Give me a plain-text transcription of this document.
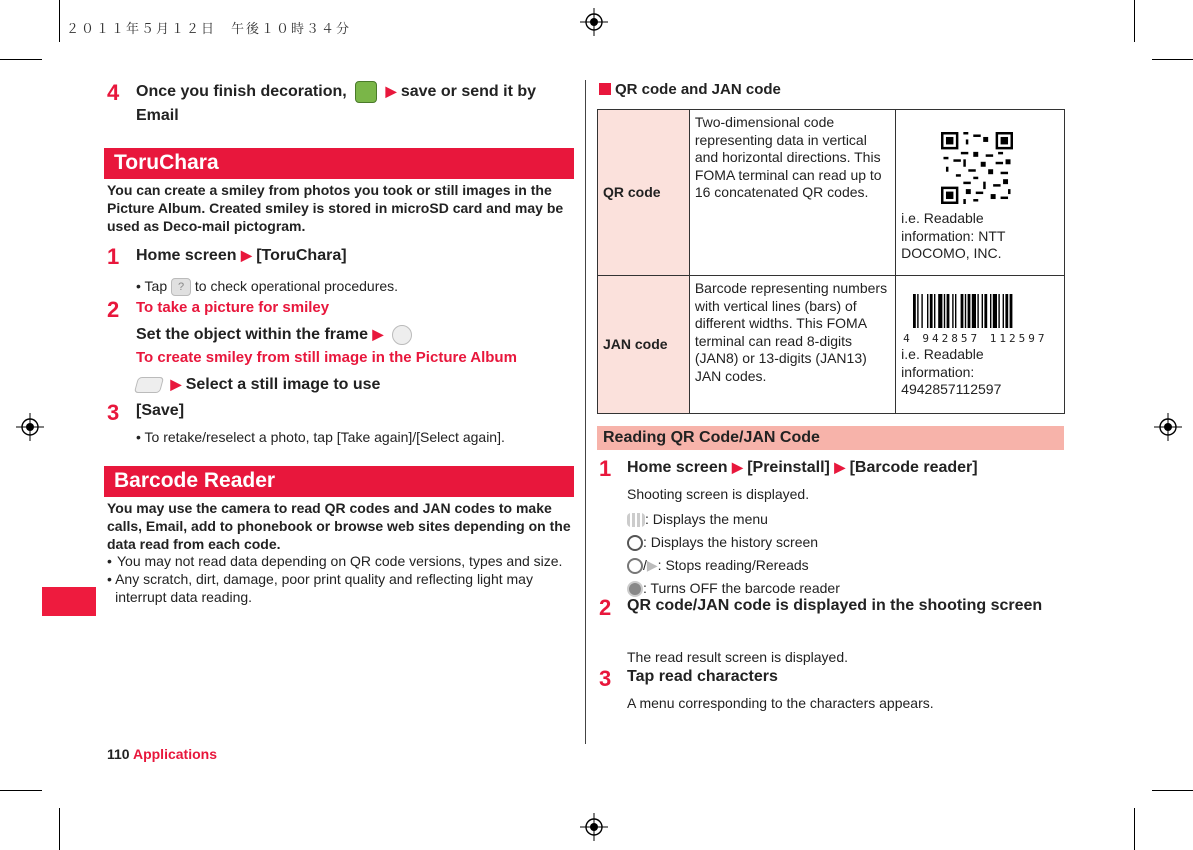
２０１１年５月１２日　午後１０時３４分
4 Once you finish decoration,	▶ save or send it by
Email
ToruChara
You can create a smiley from photos you took or still images in the Picture Album. Created smiley is stored in microSD card and may be used as Deco-mail pictogram.
1 Home screen ▶ [ToruChara]
• Tap ? to check operational procedures.
2 To take a picture for smiley
Set the object within the frame ▶
To create smiley from still image in the Picture Album
▶ Select a still image to use
3 [Save]
• To retake/reselect a photo, tap [Take again]/[Select again].
Barcode Reader
You may use the camera to read QR codes and JAN codes to make calls, Email, add to phonebook or browse web sites depending on the data read from each code.
• You may not read data depending on QR code versions, types and size.
• Any scratch, dirt, damage, poor print quality and reflecting light may interrupt data reading.
110 Applications
QR code and JAN code
QR code	Two-dimensional code representing data in vertical and horizontal directions. This FOMA terminal can read up to 16 concatenated QR codes.	i.e. Readable information: NTT DOCOMO, INC.

JAN code	Barcode representing numbers with vertical lines (bars) of different widths. This FOMA terminal can read 8-digits (JAN8) or 13-digits (JAN13) JAN codes.	4 942857 112597
i.e. Readable information: 4942857112597
Reading QR Code/JAN Code
1 Home screen ▶ [Preinstall] ▶ [Barcode reader]
Shooting screen is displayed.
: Displays the menu
: Displays the history screen
/▶: Stops reading/Rereads
: Turns OFF the barcode reader
2 QR code/JAN code is displayed in the shooting screen
The read result screen is displayed.
3 Tap read characters
A menu corresponding to the characters appears.
